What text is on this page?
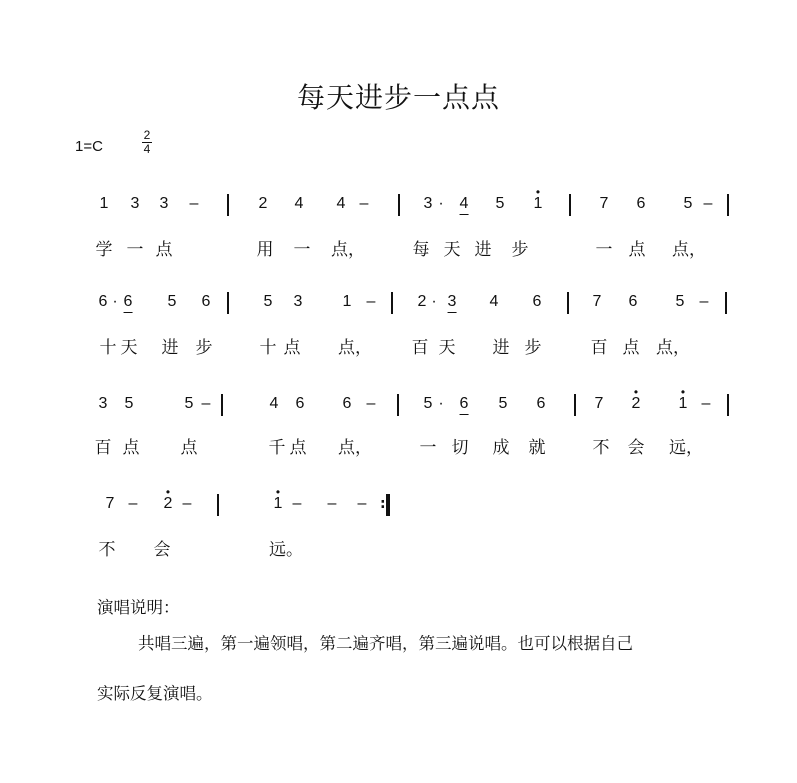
每天进步一点点
1=C
2
4
1 3 3 –	2 4 4 –	3 · 4 5 1
•
7 6 5 –
学 一 点	用 一 点，	每 天 进 步	一 点 点，
6 · 6 5 6	5 3	1 –	2 · 3 4 6	7 6 5 –
十 天 进 步	十 点 点， 百 天 进 步	百 点 点，
3 5	5 –	4 6 6 –	5 · 6 5 6	7 2
•
1
•
–
百 点 点	千 点 点，	一 切 成 就	不 会 远，
7 – 2
•
–	1
•
– – – :
不 会	远。
演唱说明：
共唱三遍，第一遍领唱，第二遍齐唱，第三遍说唱。也可以根据自己
实际反复演唱。
